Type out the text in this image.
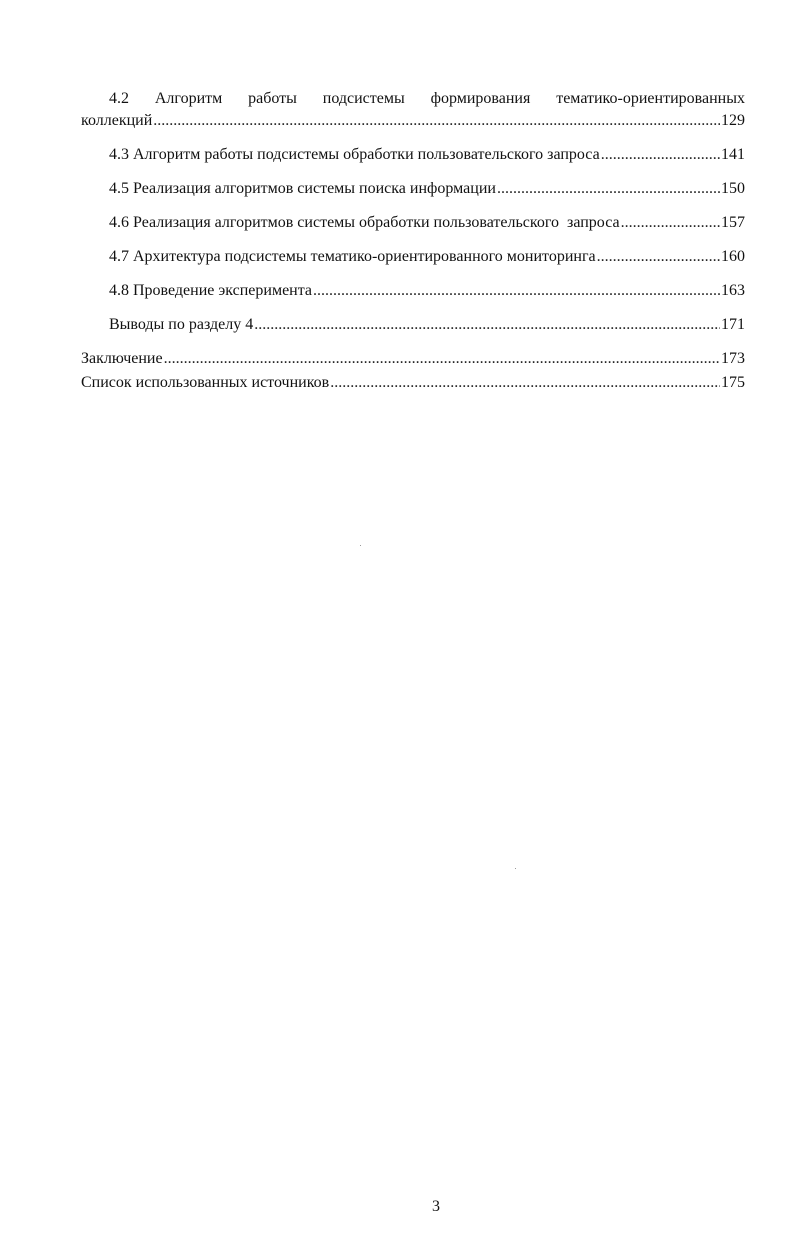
4.2 Алгоритм работы подсистемы формирования тематико-ориентированных
коллекций .....	129
4.3 Алгоритм работы подсистемы обработки пользовательского запроса .....	141
4.5 Реализация алгоритмов системы поиска информации .....	150
4.6 Реализация алгоритмов системы обработки пользовательского  запроса .....	157
4.7 Архитектура подсистемы тематико-ориентированного мониторинга .....	160
4.8 Проведение эксперимента .....	163
Выводы по разделу 4 .....	171
Заключение .....	173
Список использованных источников .....	175
3
